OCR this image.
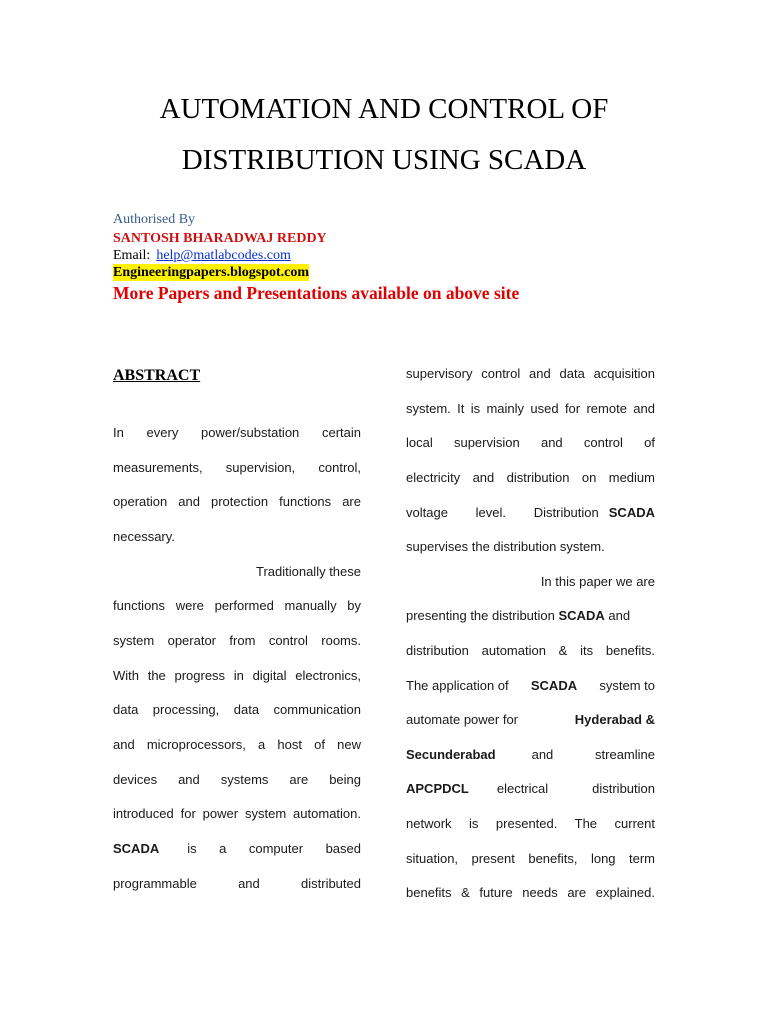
AUTOMATION AND CONTROL OF
DISTRIBUTION USING SCADA
Authorised By
SANTOSH BHARADWAJ REDDY
Email: help@matlabcodes.com
Engineeringpapers.blogspot.com
More Papers and Presentations available on above site
ABSTRACT
In every power/substation certain
measurements, supervision, control,
operation and protection functions are
necessary.
Traditionally these
functions were performed manually by
system operator from control rooms.
With the progress in digital electronics,
data processing, data communication
and microprocessors, a host of new
devices and systems are being
introduced for power system automation.
SCADA is a computer based
programmable and distributed
supervisory control and data acquisition
system. It is mainly used for remote and
local supervision and control of
electricity and distribution on medium
voltage level. Distribution SCADA
supervises the distribution system.
In this paper we are
presenting the distribution SCADA and
distribution automation & its benefits.
The application of SCADA system to
automate power for	Hyderabad &
Secunderabad	and streamline
APCPDCL electrical distribution
network is presented. The current
situation, present benefits, long term
benefits & future needs are explained.
